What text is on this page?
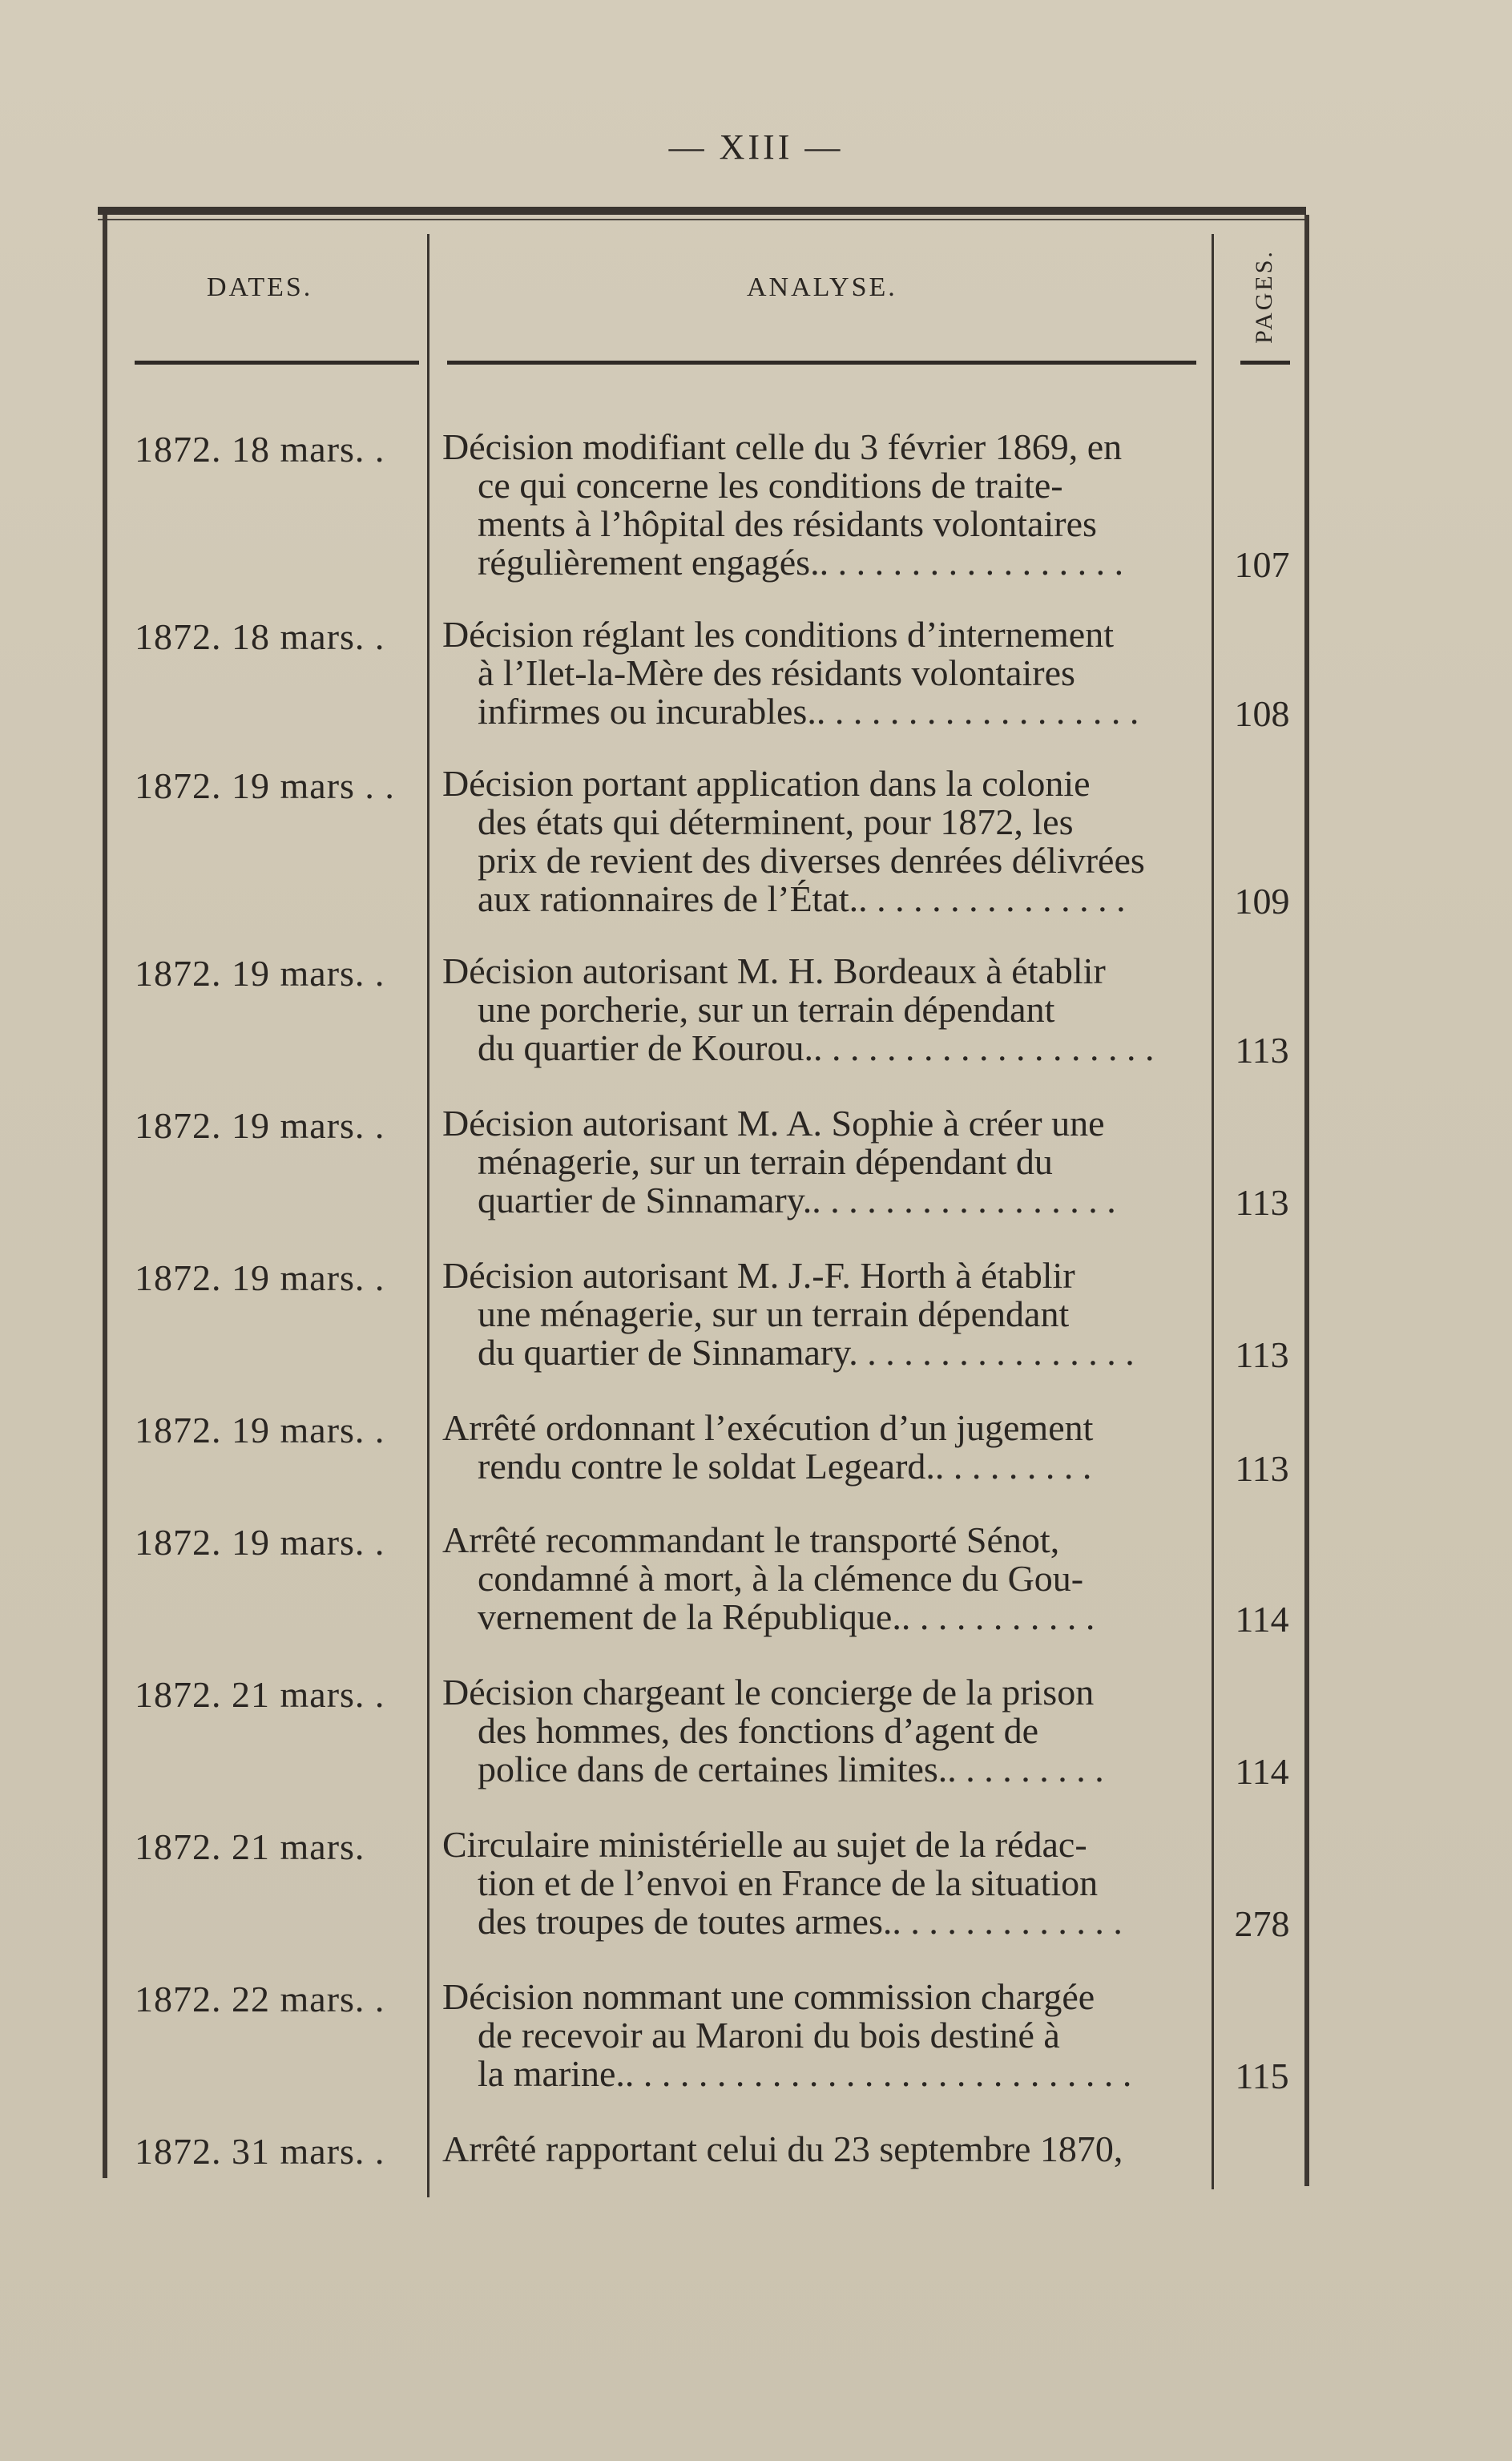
— XIII —
DATES.	ANALYSE.	PAGES.
1872. 18 mars. .	Décision modifiant celle du 3 février 1869, en
ce qui concerne les conditions de traite-
ments à l’hôpital des résidants volontaires
régulièrement engagés.. . . . . . . . . . . . . . . . .	107
1872. 18 mars. .	Décision réglant les conditions d’internement
à l’Ilet-la-Mère des résidants volontaires
infirmes ou incurables.. . . . . . . . . . . . . . . . . .	108
1872. 19 mars . .	Décision portant application dans la colonie
des états qui déterminent, pour 1872, les
prix de revient des diverses denrées délivrées
aux rationnaires de l’État.. . . . . . . . . . . . . . .	109
1872. 19 mars. .	Décision autorisant M. H. Bordeaux à établir
une porcherie, sur un terrain dépendant
du quartier de Kourou.. . . . . . . . . . . . . . . . . . .	113
1872. 19 mars. .	Décision autorisant M. A. Sophie à créer une
ménagerie, sur un terrain dépendant du
quartier de Sinnamary.. . . . . . . . . . . . . . . . .	113
1872. 19 mars. .	Décision autorisant M. J.-F. Horth à établir
une ménagerie, sur un terrain dépendant
du quartier de Sinnamary. . . . . . . . . . . . . . . .	113
1872. 19 mars. .	Arrêté ordonnant l’exécution d’un jugement
rendu contre le soldat Legeard.. . . . . . . . .	113
1872. 19 mars. .	Arrêté recommandant le transporté Sénot,
condamné à mort, à la clémence du Gou-
vernement de la République.. . . . . . . . . . .	114
1872. 21 mars. .	Décision chargeant le concierge de la prison
des hommes, des fonctions d’agent de
police dans de certaines limites.. . . . . . . . .	114
1872. 21 mars.	Circulaire ministérielle au sujet de la rédac-
tion et de l’envoi en France de la situation
des troupes de toutes armes.. . . . . . . . . . . . .	278
1872. 22 mars. .	Décision nommant une commission chargée
de recevoir au Maroni du bois destiné à
la marine.. . . . . . . . . . . . . . . . . . . . . . . . . . . .	115
1872. 31 mars. .	Arrêté rapportant celui du 23 septembre 1870,
